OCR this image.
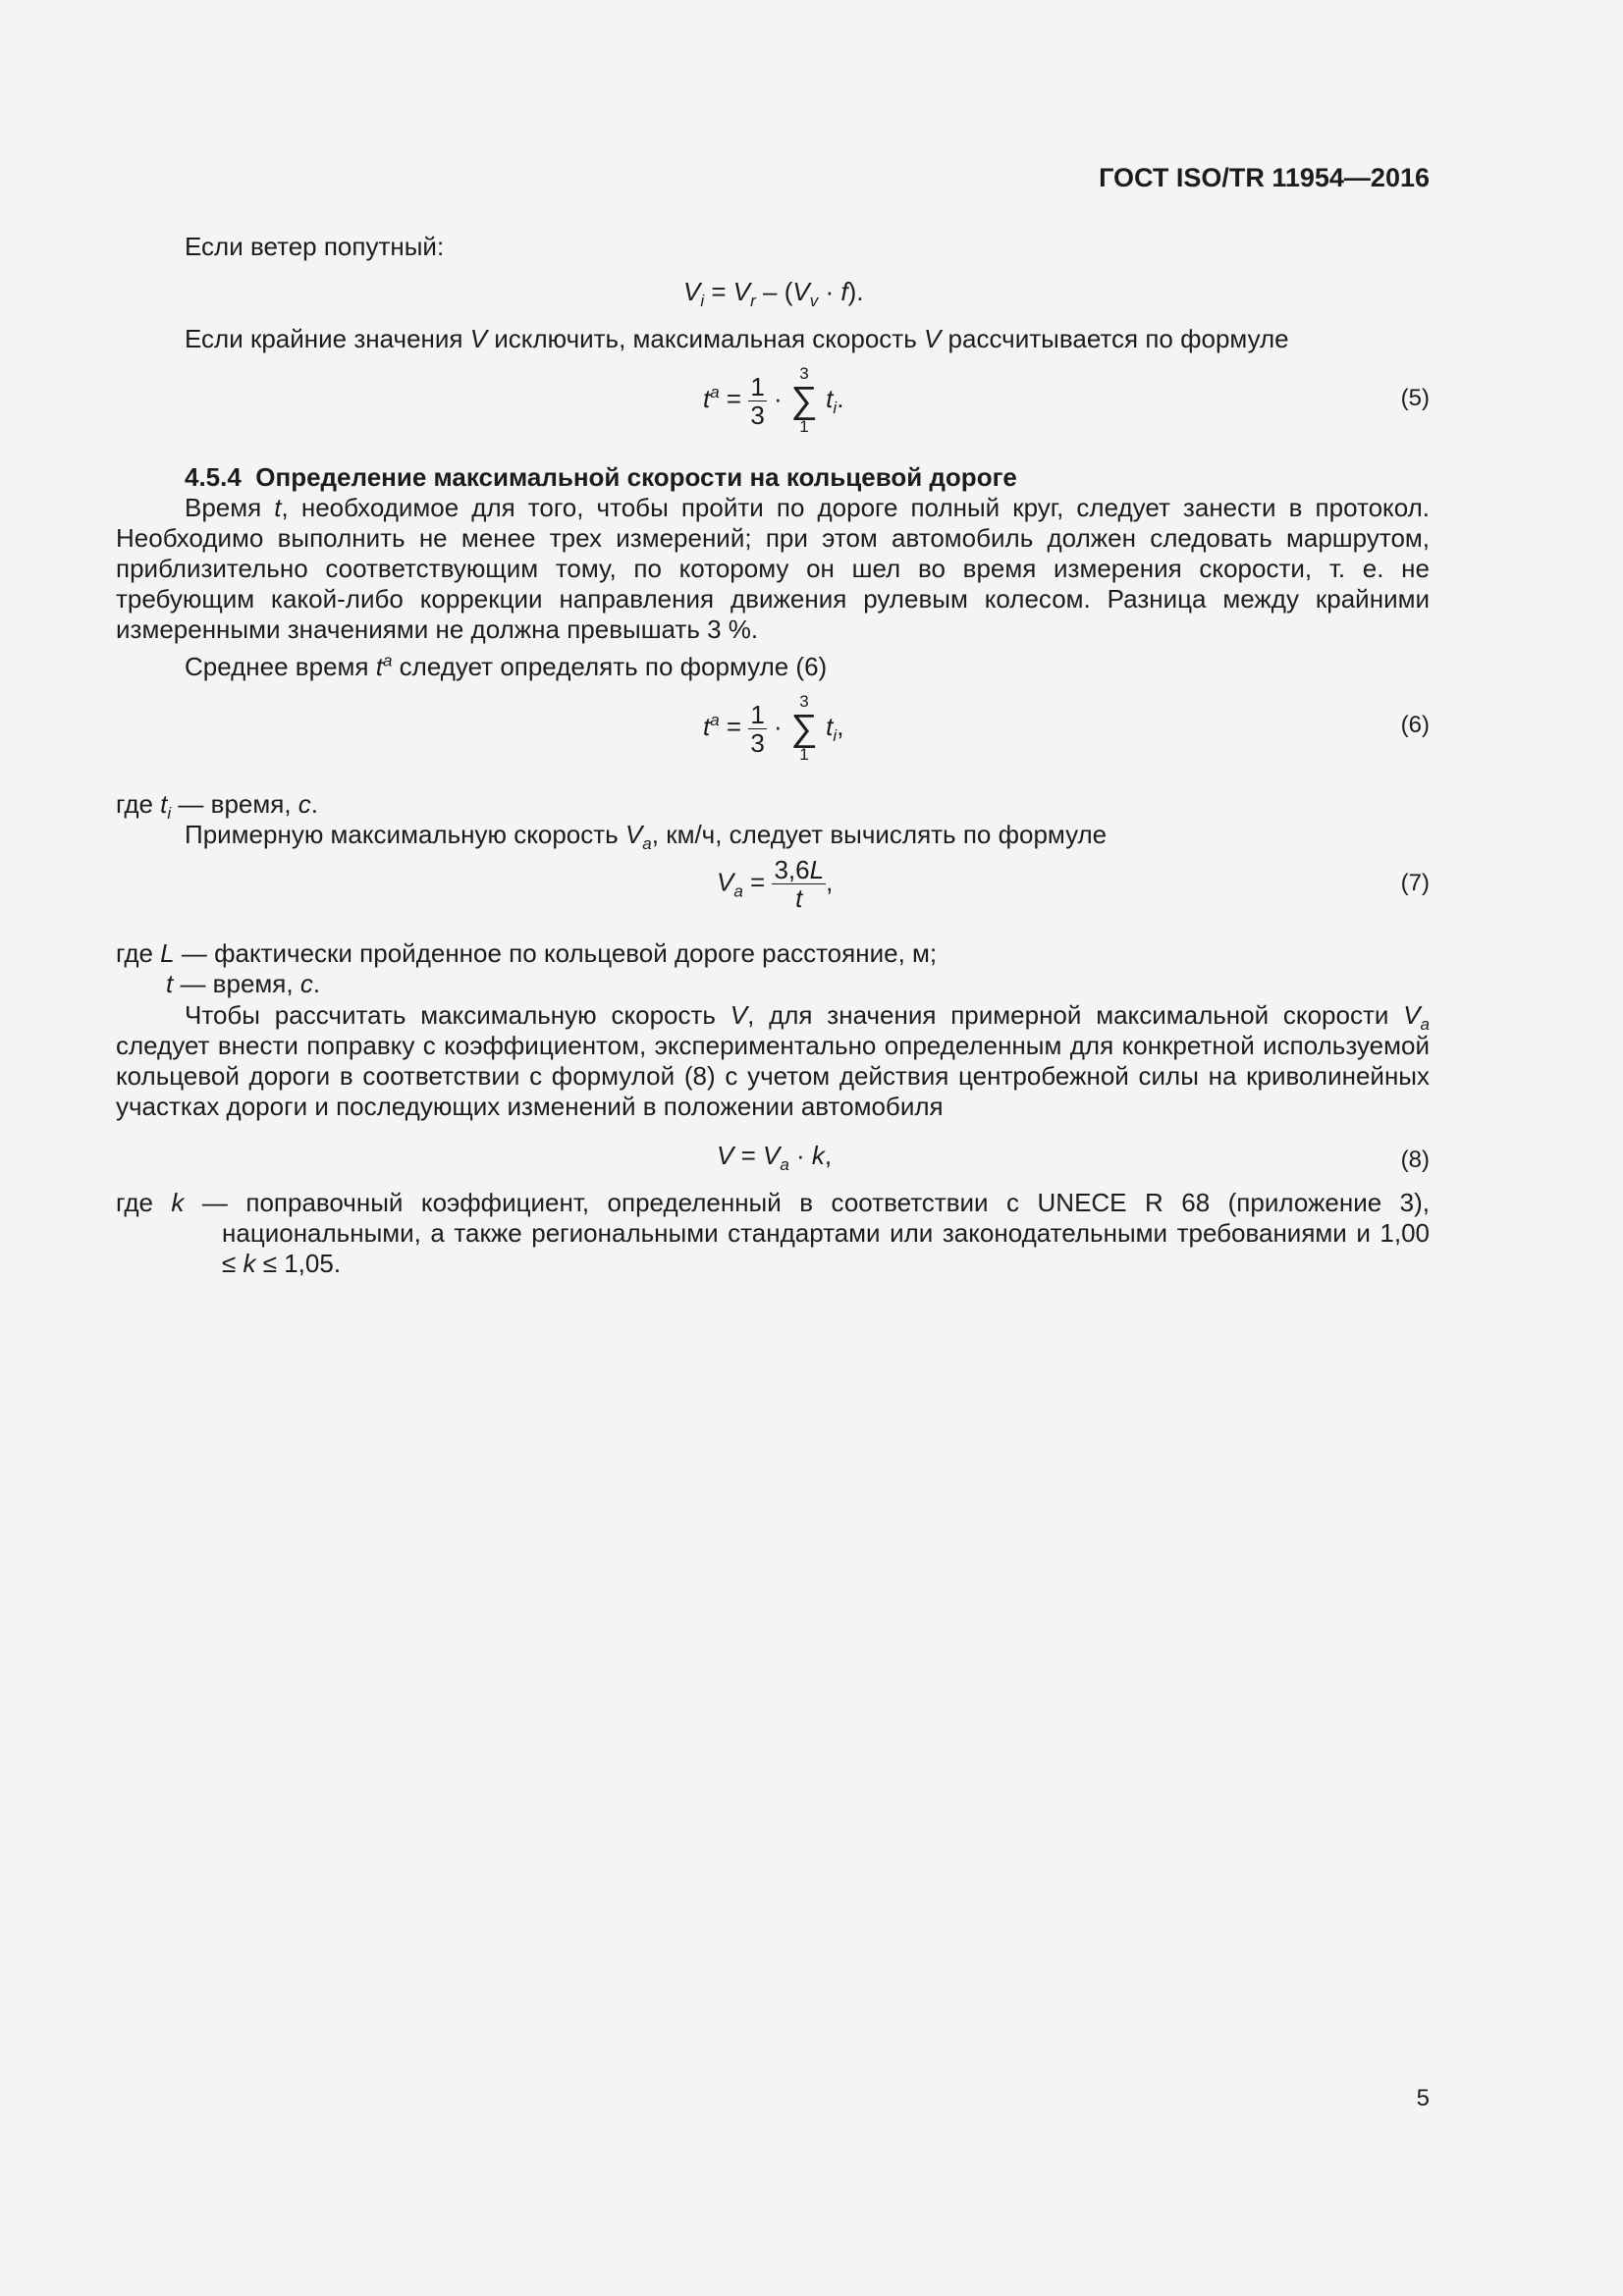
ГОСТ ISO/TR 11954—2016
Если ветер попутный:
$V_i = V_r - (V_v \cdot f)$.
Если крайние значения V исключить, максимальная скорость V рассчитывается по формуле
$t^a = \frac{1}{3}$ ·
3
∑
1
$t_i$.	(5)
4.5.4 Определение максимальной скорости на кольцевой дороге
Время t, необходимое для того, чтобы пройти по дороге полный круг, следует занести в протокол. Необходимо выполнить не менее трех измерений; при этом автомобиль должен следовать маршрутом, приблизительно соответствующим тому, по которому он шел во время измерения скорости, т. е. не требующим какой-либо коррекции направления движения рулевым колесом. Разница между крайними измеренными значениями не должна превышать 3 %.
Среднее время $t^a$ следует определять по формуле (6)
$t^a = \frac{1}{3}$ ·
3
∑
1
$t_i$,	(6)
где $t_i$ — время, c.
Примерную максимальную скорость $V_a$, км/ч, следует вычислять по формуле
$V_a = \frac{3,6L}{t}$ ,	(7)
где L — фактически пройденное по кольцевой дороге расстояние, м;
t — время, c.
Чтобы рассчитать максимальную скорость V, для значения примерной максимальной скорости $V_a$ следует внести поправку с коэффициентом, экспериментально определенным для конкретной используемой кольцевой дороги в соответствии с формулой (8) с учетом действия центробежной силы на криволинейных участках дороги и последующих изменений в положении автомобиля
$V = V_a \cdot k$,	(8)
где k — поправочный коэффициент, определенный в соответствии с UNECE R 68 (приложение 3), национальными, а также региональными стандартами или законодательными требованиями и 1,00 ≤ k ≤ 1,05.
5
